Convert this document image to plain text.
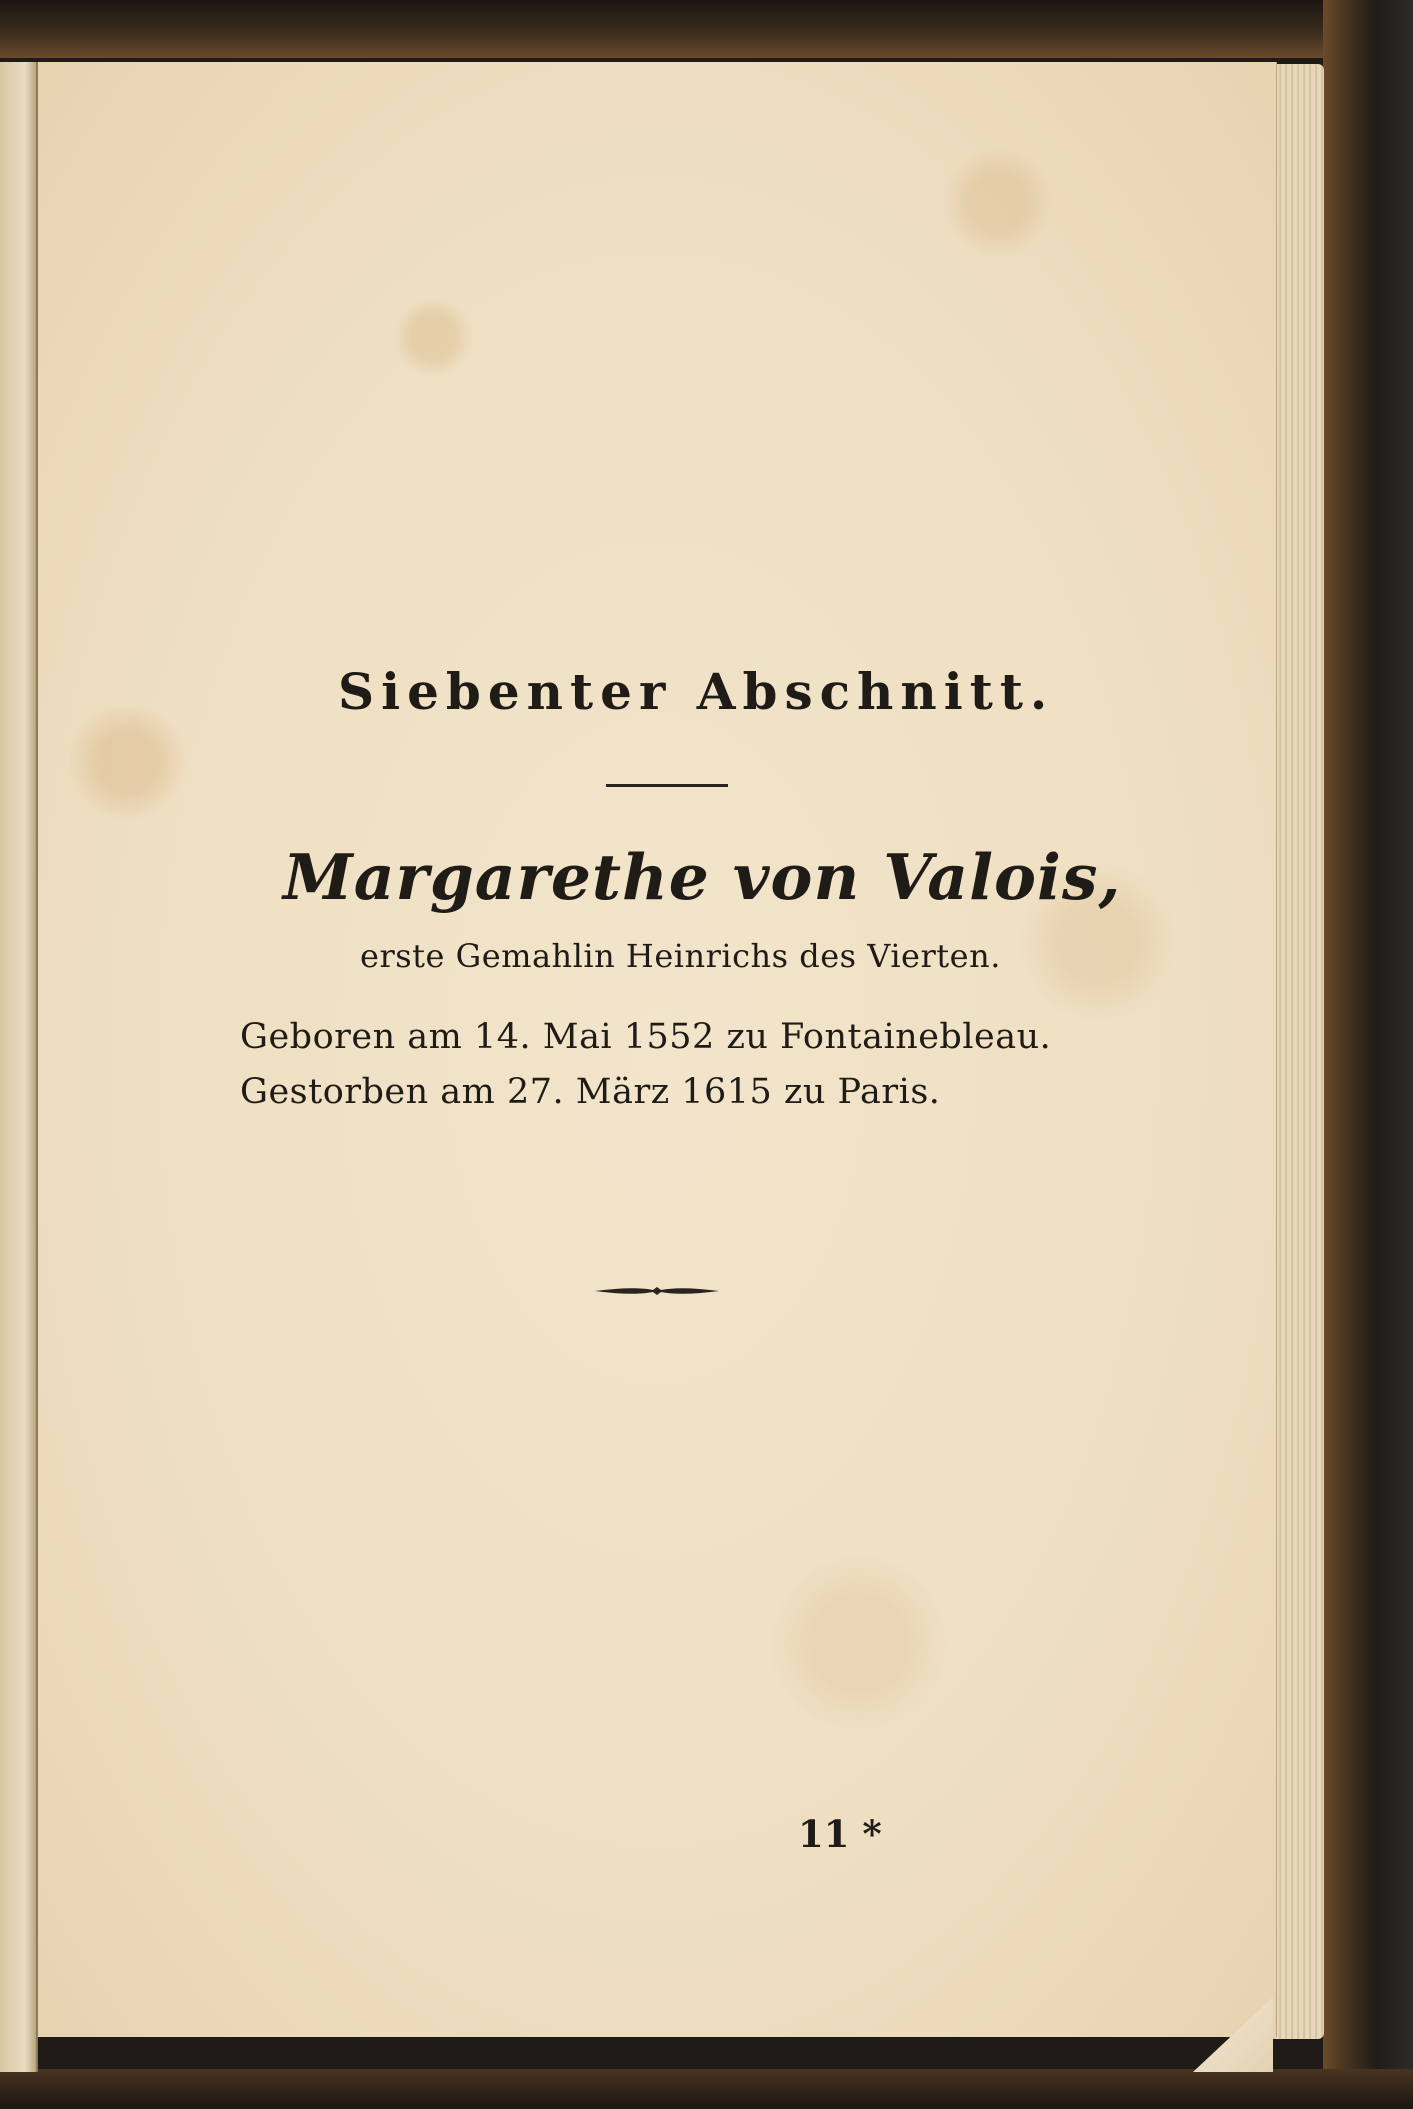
Siebenter Abschnitt.
Margarethe von Valois,
erste Gemahlin Heinrichs des Vierten.
Geboren am 14. Mai 1552 zu Fontainebleau.
Gestorben am 27. März 1615 zu Paris.
11 *
